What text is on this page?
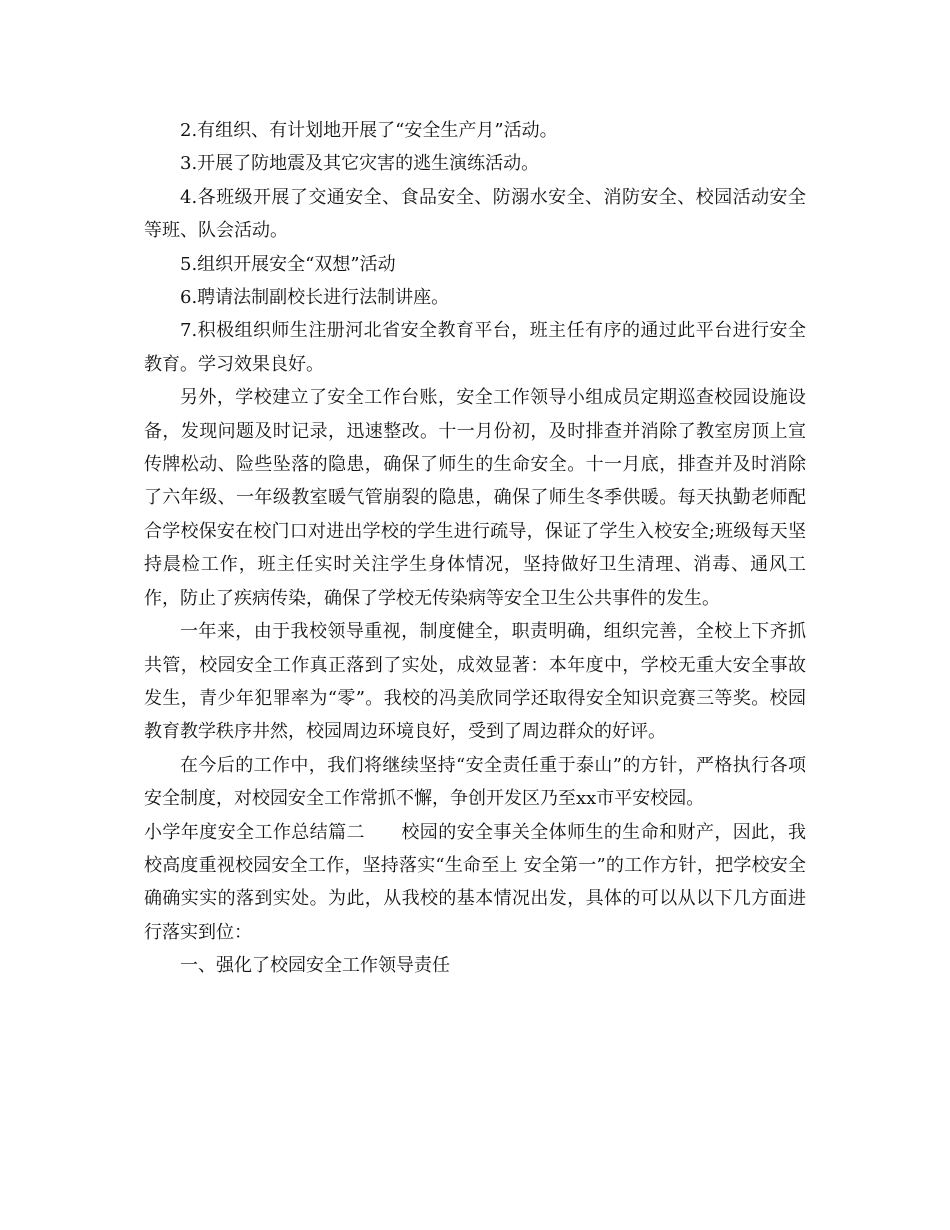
2.有组织、有计划地开展了“安全生产月”活动。

3.开展了防地震及其它灾害的逃生演练活动。

4.各班级开展了交通安全、食品安全、防溺水安全、消防安全、校园活动安全等班、队会活动。

5.组织开展安全“双想”活动

6.聘请法制副校长进行法制讲座。

7.积极组织师生注册河北省安全教育平台，班主任有序的通过此平台进行安全教育。学习效果良好。

另外，学校建立了安全工作台账，安全工作领导小组成员定期巡查校园设施设备，发现问题及时记录，迅速整改。十一月份初，及时排查并消除了教室房顶上宣传牌松动、险些坠落的隐患，确保了师生的生命安全。十一月底，排查并及时消除了六年级、一年级教室暖气管崩裂的隐患，确保了师生冬季供暖。每天执勤老师配合学校保安在校门口对进出学校的学生进行疏导，保证了学生入校安全;班级每天坚持晨检工作，班主任实时关注学生身体情况，坚持做好卫生清理、消毒、通风工作，防止了疾病传染，确保了学校无传染病等安全卫生公共事件的发生。

一年来，由于我校领导重视，制度健全，职责明确，组织完善，全校上下齐抓共管，校园安全工作真正落到了实处，成效显著：本年度中，学校无重大安全事故发生，青少年犯罪率为“零”。我校的冯美欣同学还取得安全知识竞赛三等奖。校园教育教学秩序井然，校园周边环境良好，受到了周边群众的好评。

在今后的工作中，我们将继续坚持“安全责任重于泰山”的方针，严格执行各项安全制度，对校园安全工作常抓不懈，争创开发区乃至xx市平安校园。

小学年度安全工作总结篇二 校园的安全事关全体师生的生命和财产，因此，我校高度重视校园安全工作，坚持落实“生命至上 安全第一”的工作方针，把学校安全确确实实的落到实处。为此，从我校的基本情况出发，具体的可以从以下几方面进行落实到位：

一、强化了校园安全工作领导责任
